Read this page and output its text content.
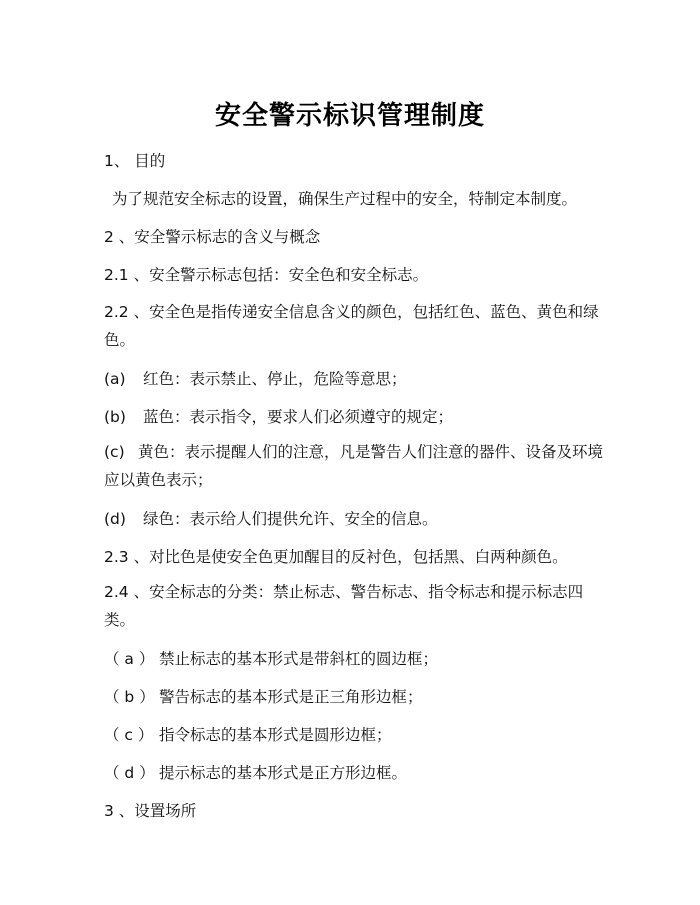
安全警示标识管理制度

1、 目的

为了规范安全标志的设置，确保生产过程中的安全，特制定本制度。

2 、安全警示标志的含义与概念

2.1 、安全警示标志包括：安全色和安全标志。

2.2 、安全色是指传递安全信息含义的颜色，包括红色、蓝色、黄色和绿色。

(a) 红色：表示禁止、停止，危险等意思；

(b) 蓝色：表示指令，要求人们必须遵守的规定；

(c) 黄色：表示提醒人们的注意，凡是警告人们注意的器件、设备及环境应以黄色表示；

(d) 绿色：表示给人们提供允许、安全的信息。

2.3 、对比色是使安全色更加醒目的反衬色，包括黑、白两种颜色。

2.4 、安全标志的分类：禁止标志、警告标志、指令标志和提示标志四类。

（ a ） 禁止标志的基本形式是带斜杠的圆边框；

（ b ） 警告标志的基本形式是正三角形边框；

（ c ） 指令标志的基本形式是圆形边框；

（ d ） 提示标志的基本形式是正方形边框。

3 、设置场所
